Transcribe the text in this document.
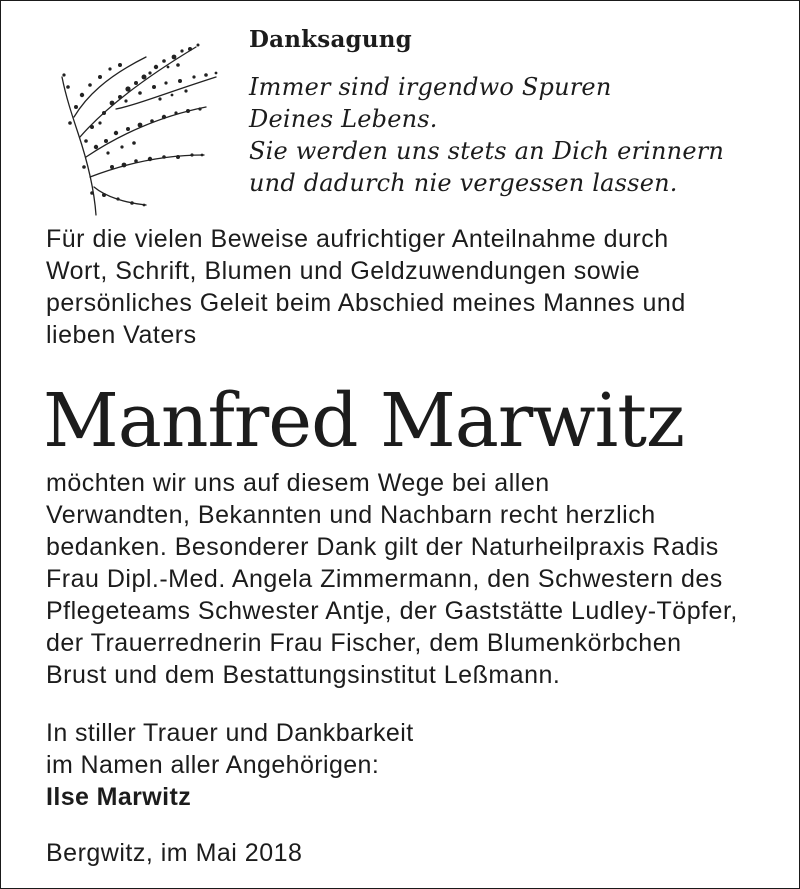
Danksagung
Immer sind irgendwo Spuren
Deines Lebens.
Sie werden uns stets an Dich erinnern
und dadurch nie vergessen lassen.

Für die vielen Beweise aufrichtiger Anteilnahme durch
Wort, Schrift, Blumen und Geldzuwendungen sowie
persönliches Geleit beim Abschied meines Mannes und
lieben Vaters

Manfred Marwitz

möchten wir uns auf diesem Wege bei allen
Verwandten, Bekannten und Nachbarn recht herzlich
bedanken. Besonderer Dank gilt der Naturheilpraxis Radis
Frau Dipl.-Med. Angela Zimmermann, den Schwestern des
Pflegeteams Schwester Antje, der Gaststätte Ludley-Töpfer,
der Trauerrednerin Frau Fischer, dem Blumenkörbchen
Brust und dem Bestattungsinstitut Leßmann.

In stiller Trauer und Dankbarkeit
im Namen aller Angehörigen:
Ilse Marwitz
Bergwitz, im Mai 2018
